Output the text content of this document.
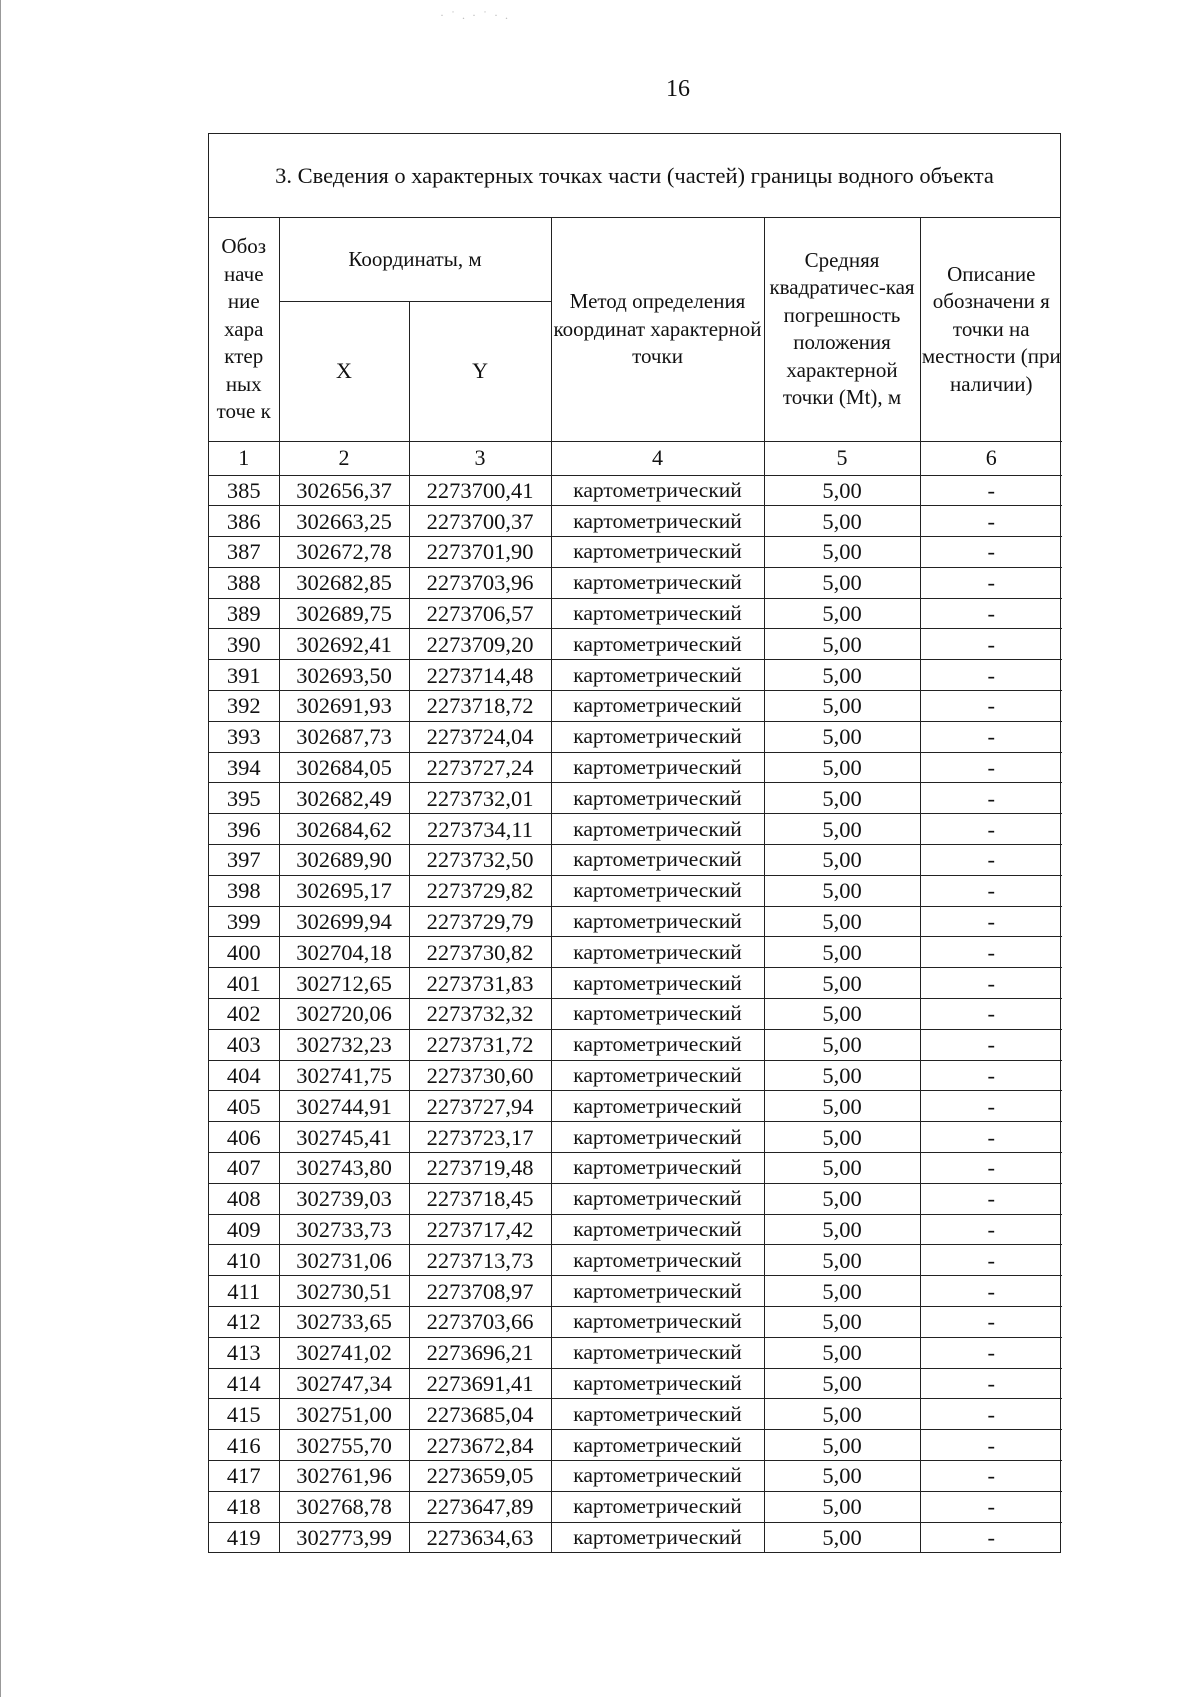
· ˙ . · ˙ · .
16
3. Сведения о характерных точках части (частей) границы водного объекта
Обоз наче ние хара ктер ных точе к	Координаты, м		Метод определения координат характерной точки	Средняя квадратичес-кая погрешность положения характерной точки (Mt), м	Описание обозначени я точки на местности (при наличии)
	X	Y			
1	2	3	4	5	6
385	302656,37	2273700,41	картометрический	5,00	-
386	302663,25	2273700,37	картометрический	5,00	-
387	302672,78	2273701,90	картометрический	5,00	-
388	302682,85	2273703,96	картометрический	5,00	-
389	302689,75	2273706,57	картометрический	5,00	-
390	302692,41	2273709,20	картометрический	5,00	-
391	302693,50	2273714,48	картометрический	5,00	-
392	302691,93	2273718,72	картометрический	5,00	-
393	302687,73	2273724,04	картометрический	5,00	-
394	302684,05	2273727,24	картометрический	5,00	-
395	302682,49	2273732,01	картометрический	5,00	-
396	302684,62	2273734,11	картометрический	5,00	-
397	302689,90	2273732,50	картометрический	5,00	-
398	302695,17	2273729,82	картометрический	5,00	-
399	302699,94	2273729,79	картометрический	5,00	-
400	302704,18	2273730,82	картометрический	5,00	-
401	302712,65	2273731,83	картометрический	5,00	-
402	302720,06	2273732,32	картометрический	5,00	-
403	302732,23	2273731,72	картометрический	5,00	-
404	302741,75	2273730,60	картометрический	5,00	-
405	302744,91	2273727,94	картометрический	5,00	-
406	302745,41	2273723,17	картометрический	5,00	-
407	302743,80	2273719,48	картометрический	5,00	-
408	302739,03	2273718,45	картометрический	5,00	-
409	302733,73	2273717,42	картометрический	5,00	-
410	302731,06	2273713,73	картометрический	5,00	-
411	302730,51	2273708,97	картометрический	5,00	-
412	302733,65	2273703,66	картометрический	5,00	-
413	302741,02	2273696,21	картометрический	5,00	-
414	302747,34	2273691,41	картометрический	5,00	-
415	302751,00	2273685,04	картометрический	5,00	-
416	302755,70	2273672,84	картометрический	5,00	-
417	302761,96	2273659,05	картометрический	5,00	-
418	302768,78	2273647,89	картометрический	5,00	-
419	302773,99	2273634,63	картометрический	5,00	-
